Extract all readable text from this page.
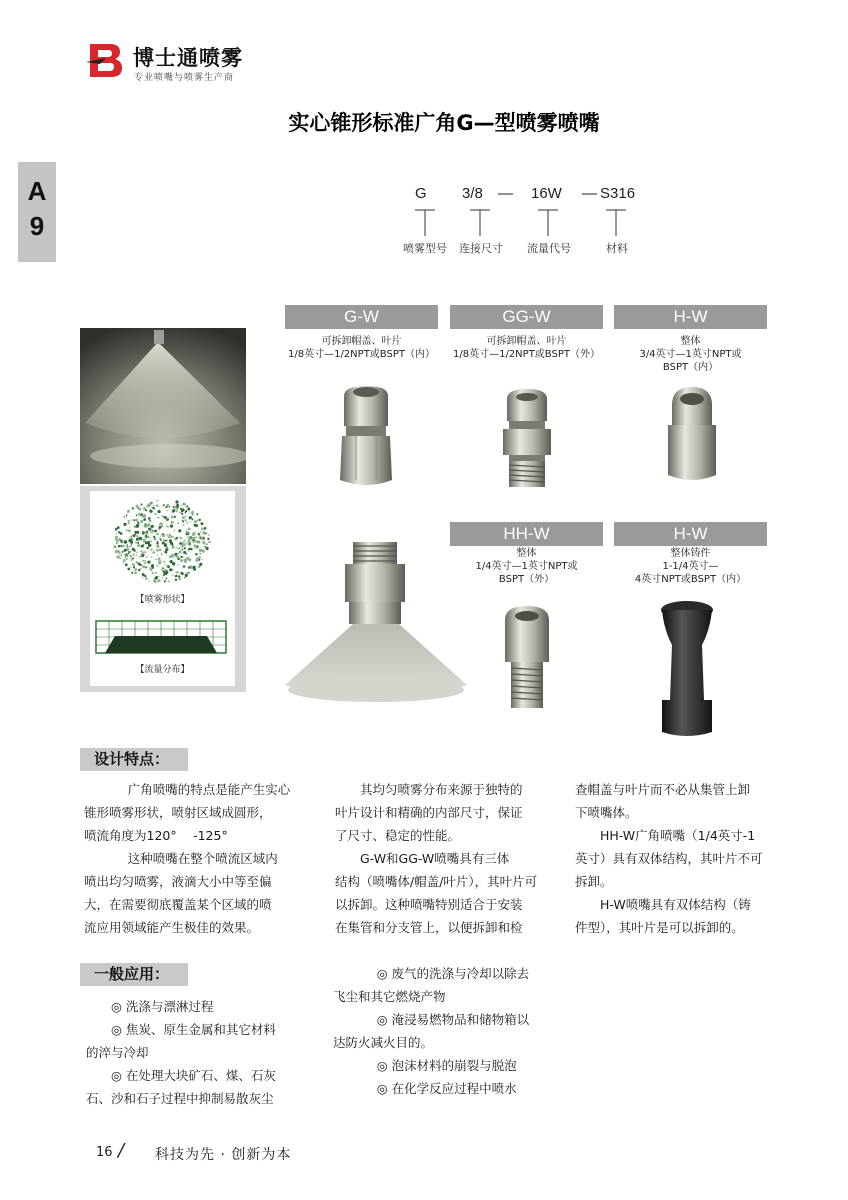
博士通喷雾
专业喷嘴与喷雾生产商
实心锥形标准广角G—型喷雾喷嘴
A
9
G 3/8 — 16W — S316
喷雾型号 连接尺寸 流量代号	材料
【喷雾形状】
【流量分布】
G-W
可拆卸帽盖、叶片
1/8英寸—1/2NPT或BSPT（内）
GG-W
可拆卸帽盖、叶片
1/8英寸—1/2NPT或BSPT（外）
H-W
整体
3/4英寸—1英寸NPT或
BSPT（内）
HH-W
整体
1/4英寸—1英寸NPT或
BSPT（外）
H-W
整体铸件
1-1/4英寸—
4英寸NPT或BSPT（内）
设计特点：

广角喷嘴的特点是能产生实心

锥形喷雾形状，喷射区域成圆形，

喷流角度为120°　 -125°

这种喷嘴在整个喷流区域内

喷出均匀喷雾，液滴大小中等至偏

大，在需要彻底覆盖某个区域的喷

流应用领域能产生极佳的效果。

其均匀喷雾分布来源于独特的

叶片设计和精确的内部尺寸，保证

了尺寸、稳定的性能。

G-W和GG-W喷嘴具有三体

结构（喷嘴体/帽盖/叶片），其叶片可

以拆卸。这种喷嘴特别适合于安装

在集管和分支管上，以便拆卸和检

查帽盖与叶片而不必从集管上卸

下喷嘴体。

HH-W广角喷嘴（1/4英寸-1

英寸）具有双体结构，其叶片不可

拆卸。

H-W喷嘴具有双体结构（铸

件型），其叶片是可以拆卸的。

一般应用：

◎ 洗涤与漂淋过程

◎ 焦炭、原生金属和其它材料

的淬与冷却

◎ 在处理大块矿石、煤、石灰

石、沙和石子过程中抑制易散灰尘

◎ 废气的洗涤与冷却以除去

飞尘和其它燃烧产物

◎ 淹浸易燃物品和储物箱以

达防火减火目的。

◎ 泡沫材料的崩裂与脱泡

◎ 在化学反应过程中喷水

16 / 科技为先 · 创新为本
